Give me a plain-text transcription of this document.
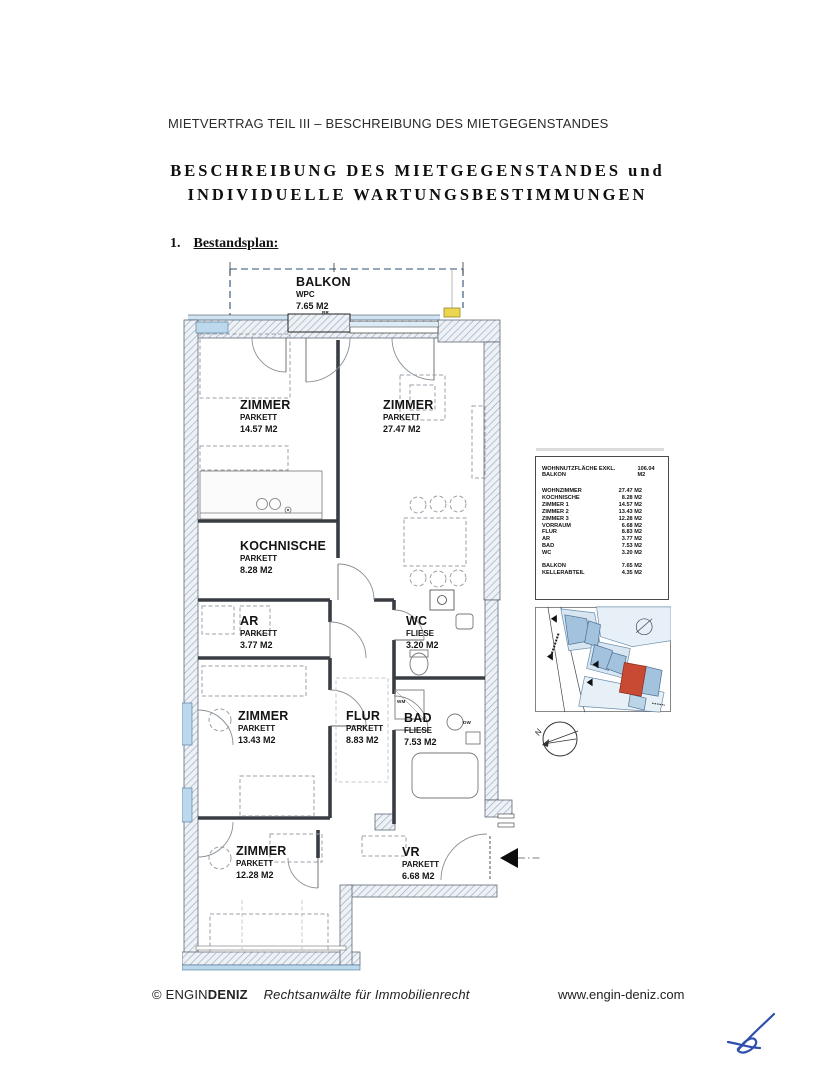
MIETVERTRAG TEIL III – BESCHREIBUNG DES MIETGEGENSTANDES
BESCHREIBUNG DES MIETGEGENSTANDES und
INDIVIDUELLE WARTUNGSBESTIMMUNGEN
1. Bestandsplan:
BALKON
WPC
7.65 M2
ZIMMER
PARKETT
14.57 M2
ZIMMER
PARKETT
27.47 M2
KOCHNISCHE
PARKETT
8.28 M2
AR
PARKETT
3.77 M2
WC
FLIESE
3.20 M2
ZIMMER
PARKETT
13.43 M2
FLUR
PARKETT
8.83 M2
BAD
FLIESE
7.53 M2
ZIMMER
PARKETT
12.28 M2
VR
PARKETT
6.68 M2
BR
WM
DW
WOHNNUTZFLÄCHE EXKL. BALKON
106.04 M2
WOHNZIMMER	27.47 M2
KOCHNISCHE	8.28 M2
ZIMMER 1	14.57 M2
ZIMMER 2	13.43 M2
ZIMMER 3	12.28 M2
VORRAUM	6.68 M2
FLUR	8.83 M2
AR	3.77 M2
BAD	7.53 M2
WC	3.20 M2
BALKON	7.65 M2
KELLERABTEIL	4.35 M2
N
© ENGINDENIZ Rechtsanwälte für Immobilienrecht	www.engin-deniz.com
